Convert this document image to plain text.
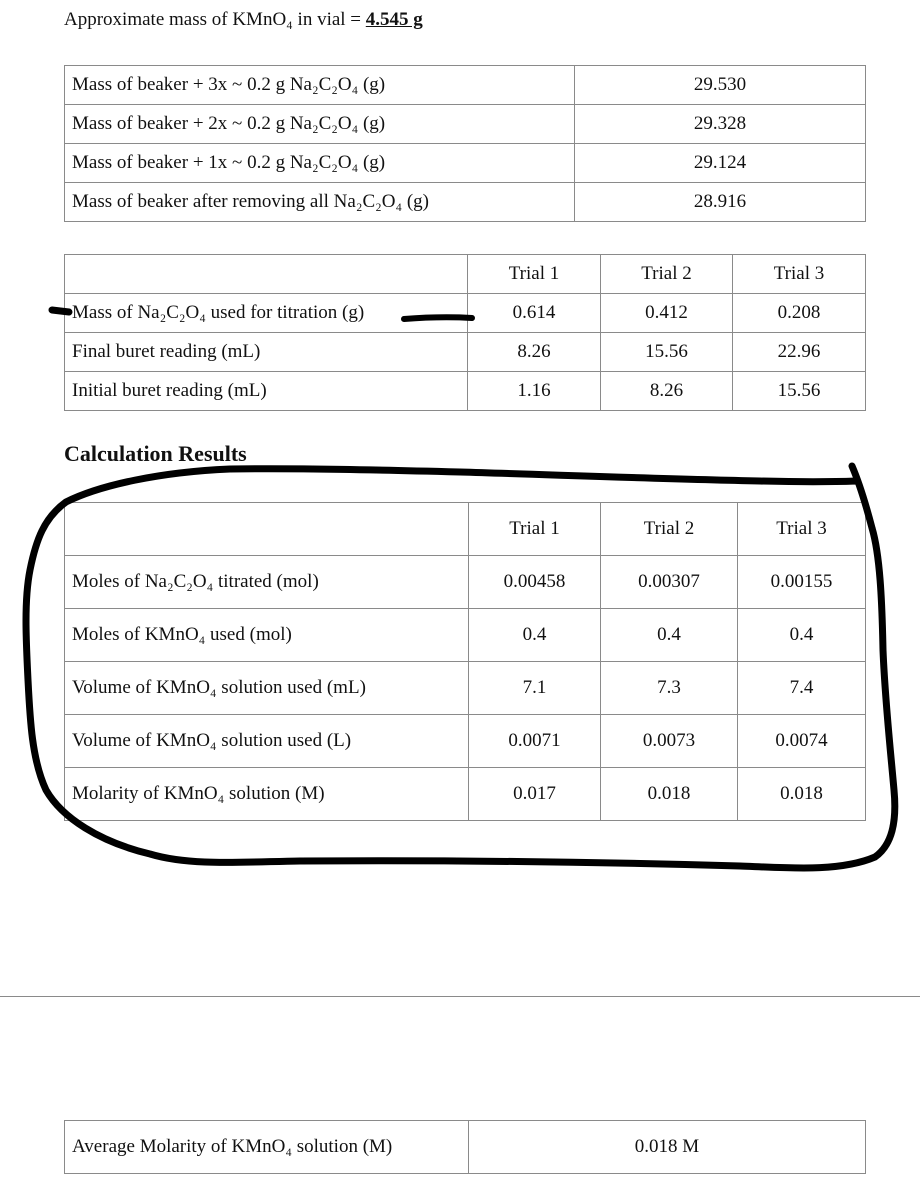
Approximate mass of KMnO₄ in vial = 4.545 g
Mass of beaker + 3x ~ 0.2 g Na₂C₂O₄ (g)	29.530
Mass of beaker + 2x ~ 0.2 g Na₂C₂O₄ (g)	29.328
Mass of beaker + 1x ~ 0.2 g Na₂C₂O₄ (g)	29.124
Mass of beaker after removing all Na₂C₂O₄ (g)	28.916
	Trial 1	Trial 2	Trial 3
Mass of Na₂C₂O₄ used for titration (g)	0.614	0.412	0.208
Final buret reading (mL)	8.26	15.56	22.96
Initial buret reading (mL)	1.16	8.26	15.56
Calculation Results
	Trial 1	Trial 2	Trial 3
Moles of Na₂C₂O₄ titrated (mol)	0.00458	0.00307	0.00155
Moles of KMnO₄ used (mol)	0.4	0.4	0.4
Volume of KMnO₄ solution used (mL)	7.1	7.3	7.4
Volume of KMnO₄ solution used (L)	0.0071	0.0073	0.0074
Molarity of KMnO₄ solution (M)	0.017	0.018	0.018
Average Molarity of KMnO₄ solution (M)	0.018 M
